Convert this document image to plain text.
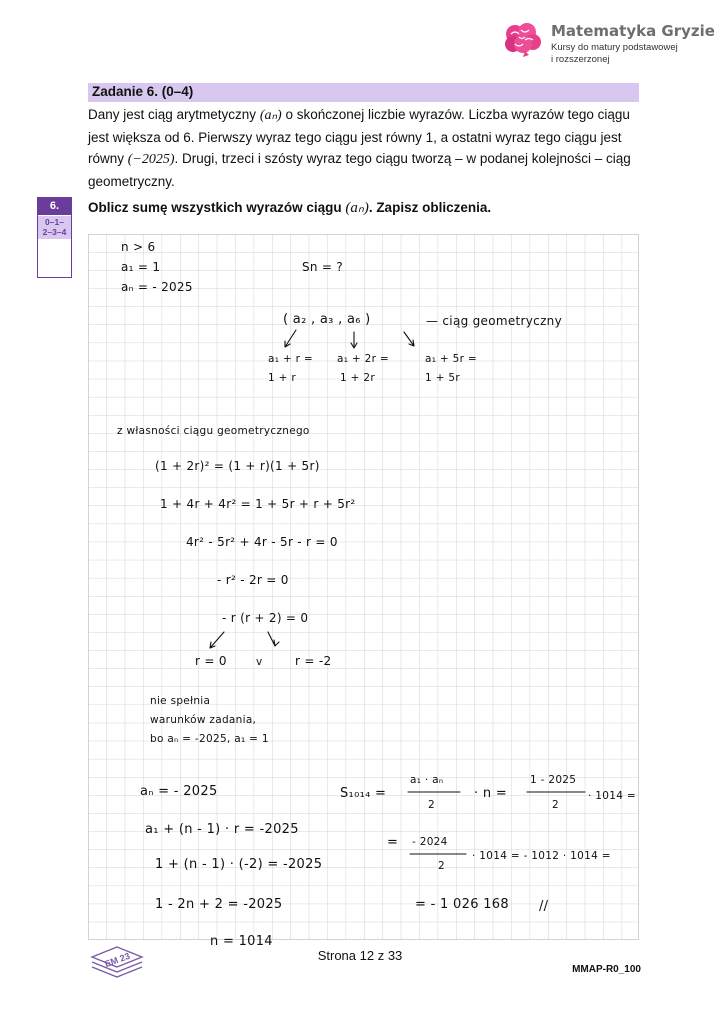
Matematyka Gryzie
Kursy do matury podstawowej
i rozszerzonej
Zadanie 6. (0–4)
Dany jest ciąg arytmetyczny (aₙ) o skończonej liczbie wyrazów. Liczba wyrazów tego ciągu
jest większa od 6. Pierwszy wyraz tego ciągu jest równy 1, a ostatni wyraz tego ciągu jest
równy (−2025). Drugi, trzeci i szósty wyraz tego ciągu tworzą – w podanej kolejności – ciąg
geometryczny.
6.
0–1–
2–3–4
Oblicz sumę wszystkich wyrazów ciągu (aₙ). Zapisz obliczenia.
n > 6
a₁ = 1
aₙ = - 2025
Sn = ?
( a₂ , a₃ , a₆ )	— ciąg geometryczny
a₁ + r =
1 + r
a₁ + 2r =
1 + 2r
a₁ + 5r =
1 + 5r
z własności ciągu geometrycznego
(1 + 2r)² = (1 + r)(1 + 5r)
1 + 4r + 4r² = 1 + 5r + r + 5r²
4r² - 5r² + 4r - 5r - r = 0
- r² - 2r = 0
- r (r + 2) = 0
r = 0	v	r = -2
nie spełnia
warunków zadania,
bo aₙ = -2025, a₁ = 1
aₙ = - 2025
a₁ + (n - 1) · r = -2025
1 + (n - 1) · (-2) = -2025
1 - 2n + 2 = -2025
n = 1014
S₁₀₁₄ =
a₁ · aₙ
2
· n =
1 - 2025
2
· 1014 =
= - 2024
2
· 1014 = - 1012 · 1014 =
= - 1 026 168 //
EM 23	Strona 12 z 33
MMAP-R0_100
